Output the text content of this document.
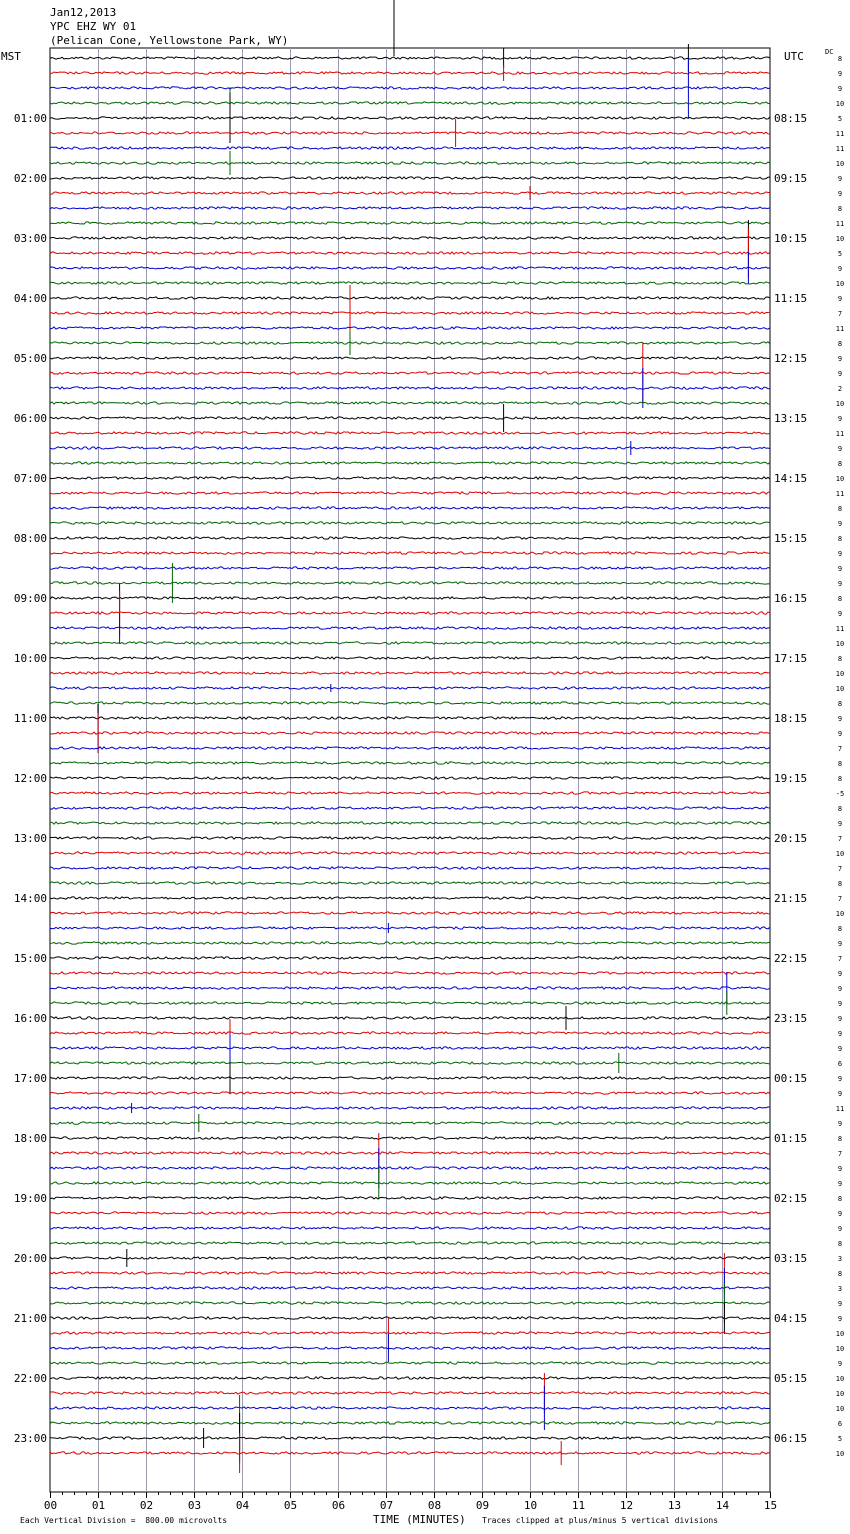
Jan12,2013
YPC EHZ WY 01
(Pelican Cone, Yellowstone Park, WY)
MST	UTC	DC
8
9
9
10
5
11
11
10
9
9
8
11
10
5
9
10
9
7
11
8
9
9
2
10
9
11
9
8
10
11
8
9
8
9
9
9
8
9
11
10
8
10
10
8
9
9
7
8
8
-5
8
9
7
10
7
8
7
10
8
9
7
9
9
9
9
9
9
6
9
9
11
9
8
7
9
9
8
9
9
8
3
8
3
9
9
10
10
9
10
10
10
6
5
10
01:00
02:00
03:00
04:00
05:00
06:00
07:00
08:00
09:00
10:00
11:00
12:00
13:00
14:00
15:00
16:00
17:00
18:00
19:00
20:00
21:00
22:00
23:00
08:15
09:15
10:15
11:15
12:15
13:15
14:15
15:15
16:15
17:15
18:15
19:15
20:15
21:15
22:15
23:15
00:15
01:15
02:15
03:15
04:15
05:15
06:15
00	01	02	03	04	05	06	07	08	09	10	11	12	13	14	15
Each Vertical Division =  800.00 microvolts	TIME (MINUTES) Traces clipped at plus/minus 5 vertical divisions
